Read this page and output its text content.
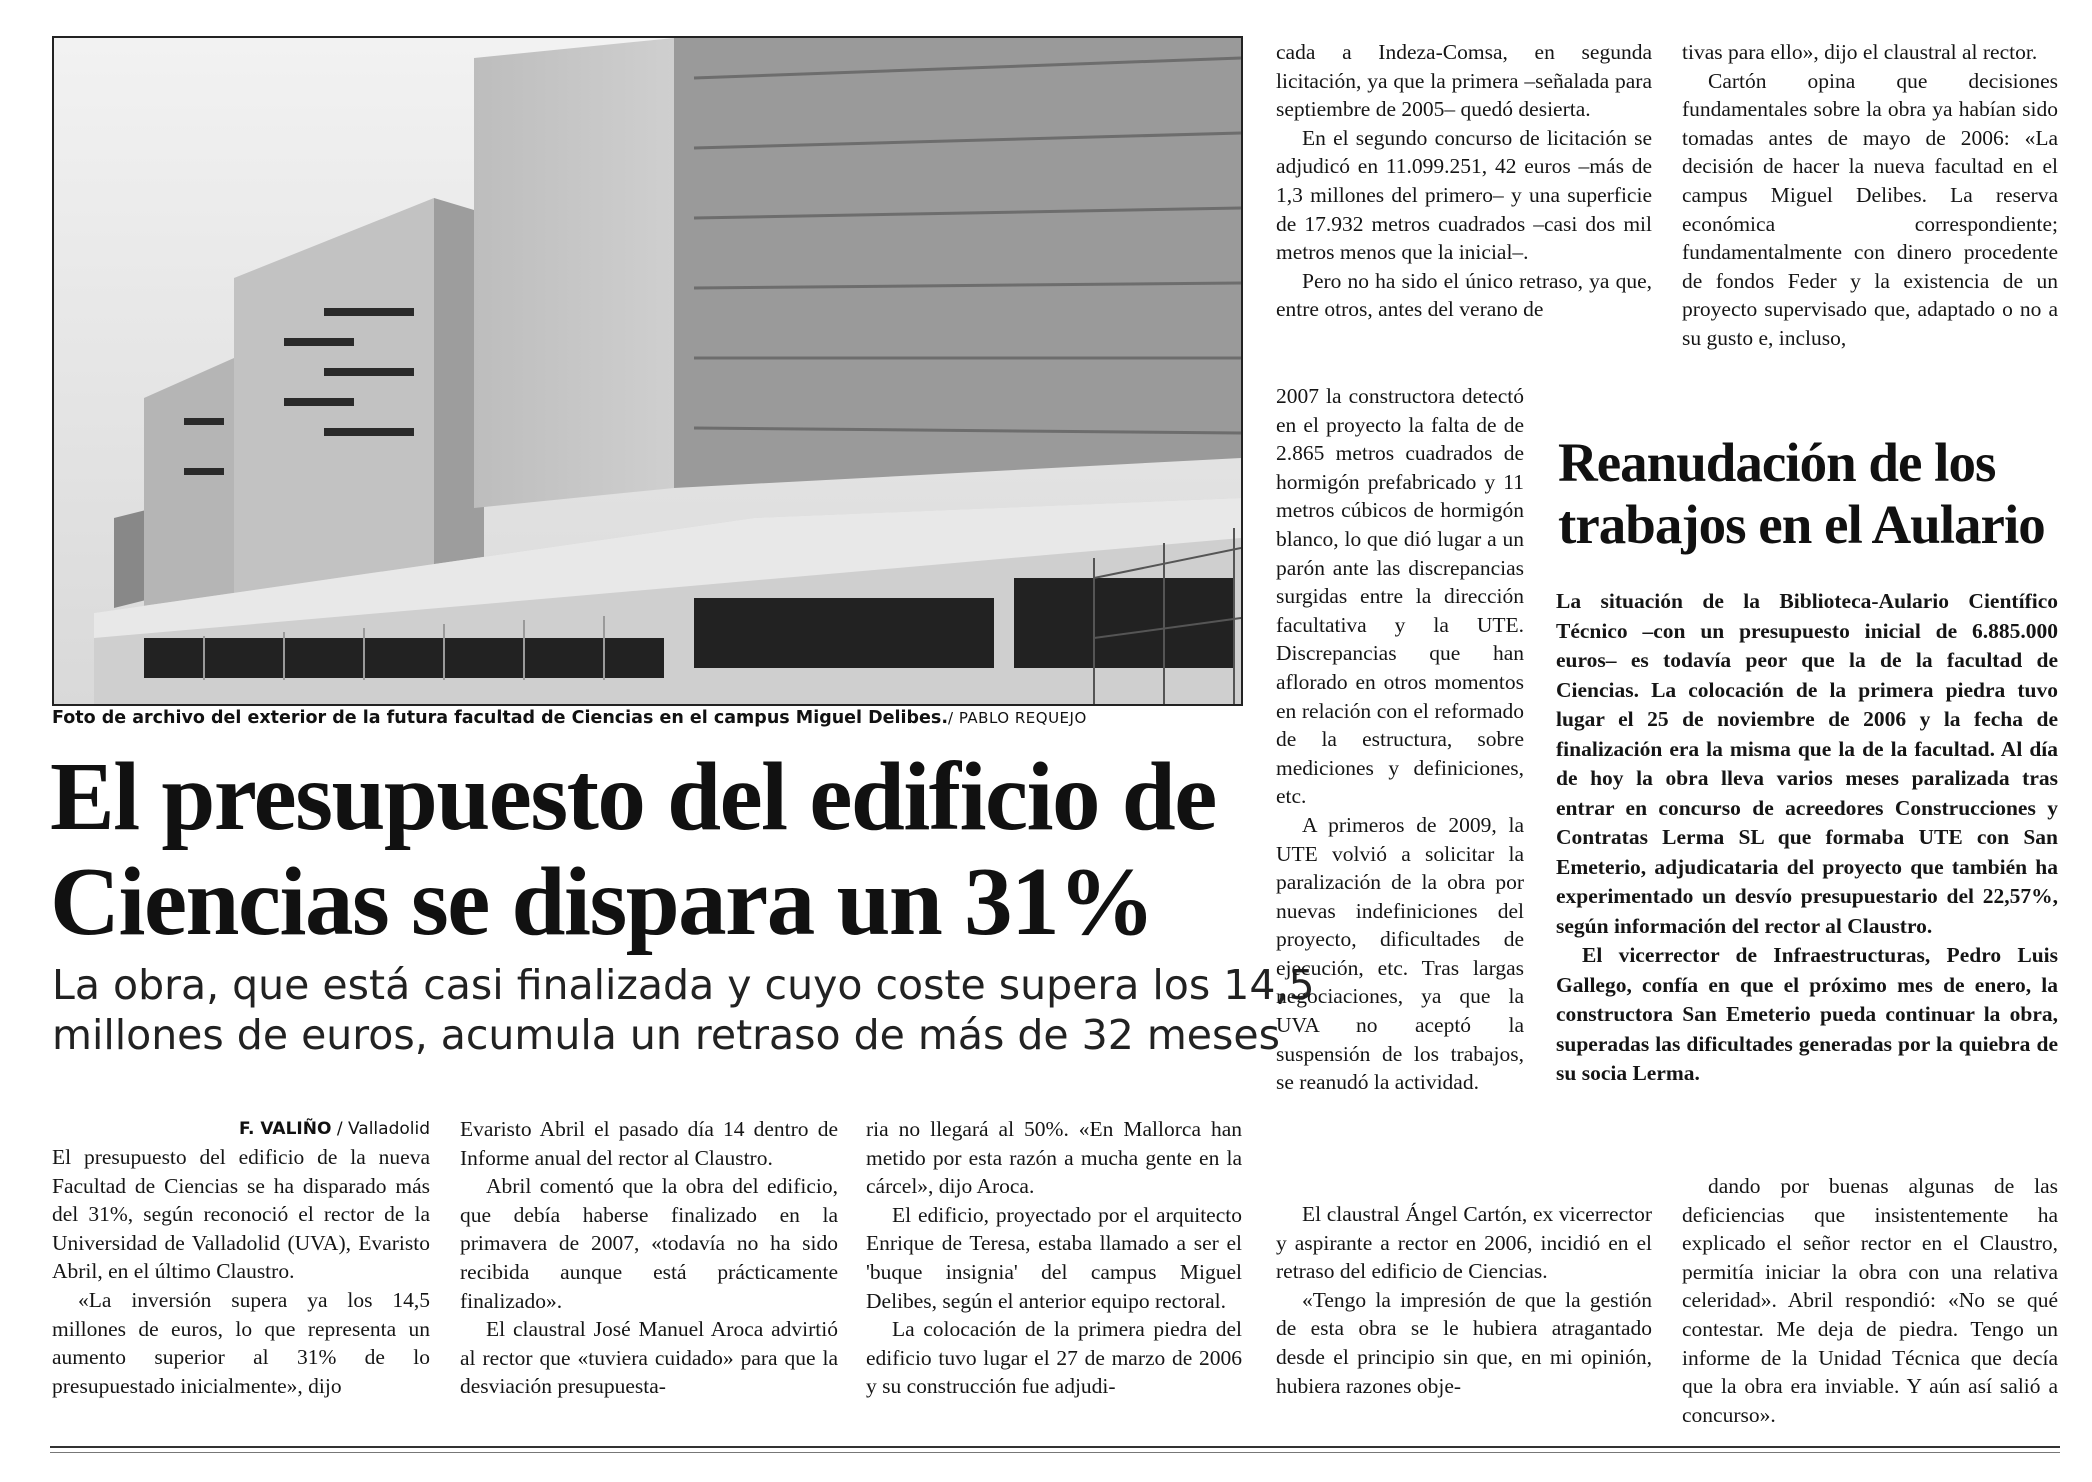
Foto de archivo del exterior de la futura facultad de Ciencias en el campus Miguel Delibes./ PABLO REQUEJO
El presupuesto del edificio de
Ciencias se dispara un 31%
La obra, que está casi finalizada y cuyo coste supera los 14,5
millones de euros, acumula un retraso de más de 32 meses
F. VALIÑO / Valladolid

El presupuesto del edificio de la nueva Facultad de Ciencias se ha disparado más del 31%, según reconoció el rector de la Universidad de Valladolid (UVA), Evaristo Abril, en el último Claustro.

«La inversión supera ya los 14,5 millones de euros, lo que representa un aumento superior al 31% de lo presupuestado inicialmente», dijo

Evaristo Abril el pasado día 14 dentro de Informe anual del rector al Claustro.

Abril comentó que la obra del edificio, que debía haberse finalizado en la primavera de 2007, «todavía no ha sido recibida aunque está prácticamente finalizado».

El claustral José Manuel Aroca advirtió al rector que «tuviera cuidado» para que la desviación presupuesta-

ria no llegará al 50%. «En Mallorca han metido por esta razón a mucha gente en la cárcel», dijo Aroca.

El edificio, proyectado por el arquitecto Enrique de Teresa, estaba llamado a ser el 'buque insignia' del campus Miguel Delibes, según el anterior equipo rectoral.

La colocación de la primera piedra del edificio tuvo lugar el 27 de marzo de 2006 y su construcción fue adjudi-

cada a Indeza-Comsa, en segunda licitación, ya que la primera –señalada para septiembre de 2005– quedó desierta.

En el segundo concurso de licitación se adjudicó en 11.099.251, 42 euros –más de 1,3 millones del primero– y una superficie de 17.932 metros cuadrados –casi dos mil metros menos que la inicial–.

Pero no ha sido el único retraso, ya que, entre otros, antes del verano de

2007 la constructora detectó en el proyecto la falta de de 2.865 metros cuadrados de hormigón prefabricado y 11 metros cúbicos de hormigón blanco, lo que dió lugar a un parón ante las discrepancias surgidas entre la dirección facultativa y la UTE. Discrepancias que han aflorado en otros momentos en relación con el reformado de la estructura, sobre mediciones y definiciones, etc.

A primeros de 2009, la UTE volvió a solicitar la paralización de la obra por nuevas indefiniciones del proyecto, dificultades de ejecución, etc. Tras largas negociaciones, ya que la UVA no aceptó la suspensión de los trabajos, se reanudó la actividad.

El claustral Ángel Cartón, ex vicerrector y aspirante a rector en 2006, incidió en el retraso del edificio de Ciencias.

«Tengo la impresión de que la gestión de esta obra se le hubiera atragantado desde el principio sin que, en mi opinión, hubiera razones obje-

tivas para ello», dijo el claustral al rector.

Cartón opina que decisiones fundamentales sobre la obra ya habían sido tomadas antes de mayo de 2006: «La decisión de hacer la nueva facultad en el campus Miguel Delibes. La reserva económica correspondiente; fundamentalmente con dinero procedente de fondos Feder y la existencia de un proyecto supervisado que, adaptado o no a su gusto e, incluso,

Reanudación de los
trabajos en el Aulario

La situación de la Biblioteca-Aulario Científico Técnico –con un presupuesto inicial de 6.885.000 euros– es todavía peor que la de la facultad de Ciencias. La colocación de la primera piedra tuvo lugar el 25 de noviembre de 2006 y la fecha de finalización era la misma que la de la facultad. Al día de hoy la obra lleva varios meses paralizada tras entrar en concurso de acreedores Construcciones y Contratas Lerma SL que formaba UTE con San Emeterio, adjudicataria del proyecto que también ha experimentado un desvío presupuestario del 22,57%, según información del rector al Claustro.

El vicerrector de Infraestructuras, Pedro Luis Gallego, confía en que el próximo mes de enero, la constructora San Emeterio pueda continuar la obra, superadas las dificultades generadas por la quiebra de su socia Lerma.

dando por buenas algunas de las deficiencias que insistentemente ha explicado el señor rector en el Claustro, permitía iniciar la obra con una relativa celeridad». Abril respondió: «No se qué contestar. Me deja de piedra. Tengo un informe de la Unidad Técnica que decía que la obra era inviable. Y aún así salió a concurso».
